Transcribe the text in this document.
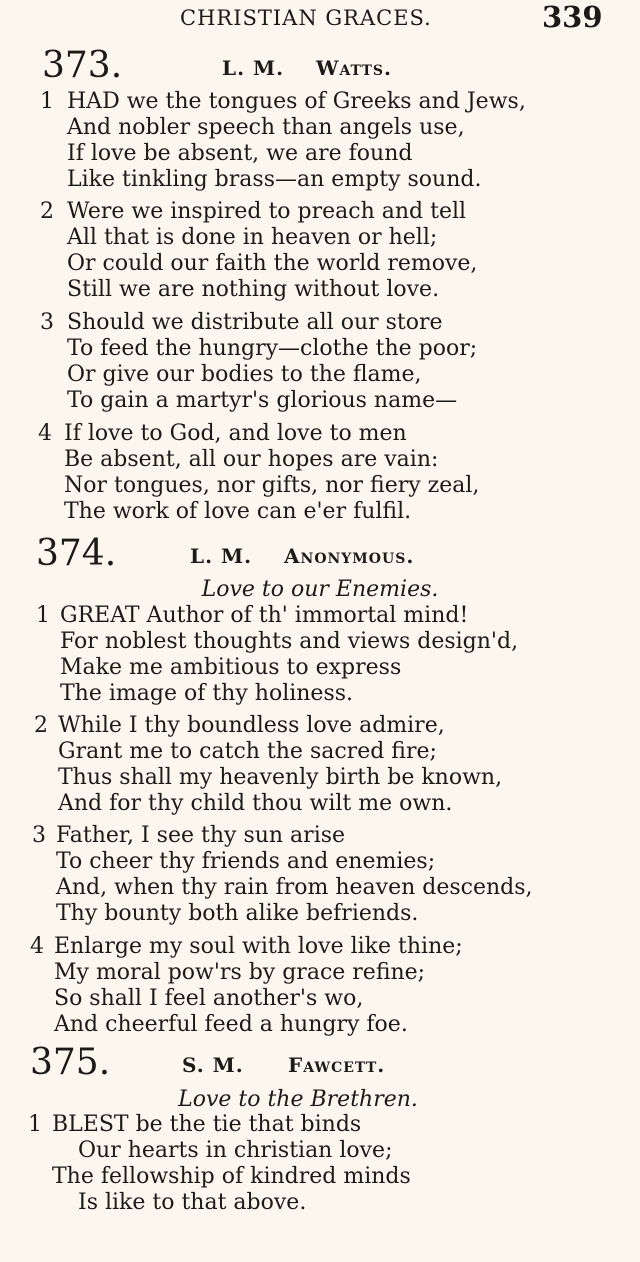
CHRISTIAN GRACES.	339
373.	L. M. Watts.
1 HAD we the tongues of Greeks and Jews,
And nobler speech than angels use,
If love be absent, we are found
Like tinkling brass—an empty sound.
2 Were we inspired to preach and tell
All that is done in heaven or hell;
Or could our faith the world remove,
Still we are nothing without love.
3 Should we distribute all our store
To feed the hungry—clothe the poor;
Or give our bodies to the flame,
To gain a martyr's glorious name—
4 If love to God, and love to men
Be absent, all our hopes are vain:
Nor tongues, nor gifts, nor fiery zeal,
The work of love can e'er fulfil.
374.	L. M. Anonymous.
Love to our Enemies.
1 GREAT Author of th' immortal mind!
For noblest thoughts and views design'd,
Make me ambitious to express
The image of thy holiness.
2 While I thy boundless love admire,
Grant me to catch the sacred fire;
Thus shall my heavenly birth be known,
And for thy child thou wilt me own.
3 Father, I see thy sun arise
To cheer thy friends and enemies;
And, when thy rain from heaven descends,
Thy bounty both alike befriends.
4 Enlarge my soul with love like thine;
My moral pow'rs by grace refine;
So shall I feel another's wo,
And cheerful feed a hungry foe.
375.	S. M. Fawcett.
Love to the Brethren.
1 BLEST be the tie that binds
Our hearts in christian love;
The fellowship of kindred minds
Is like to that above.
